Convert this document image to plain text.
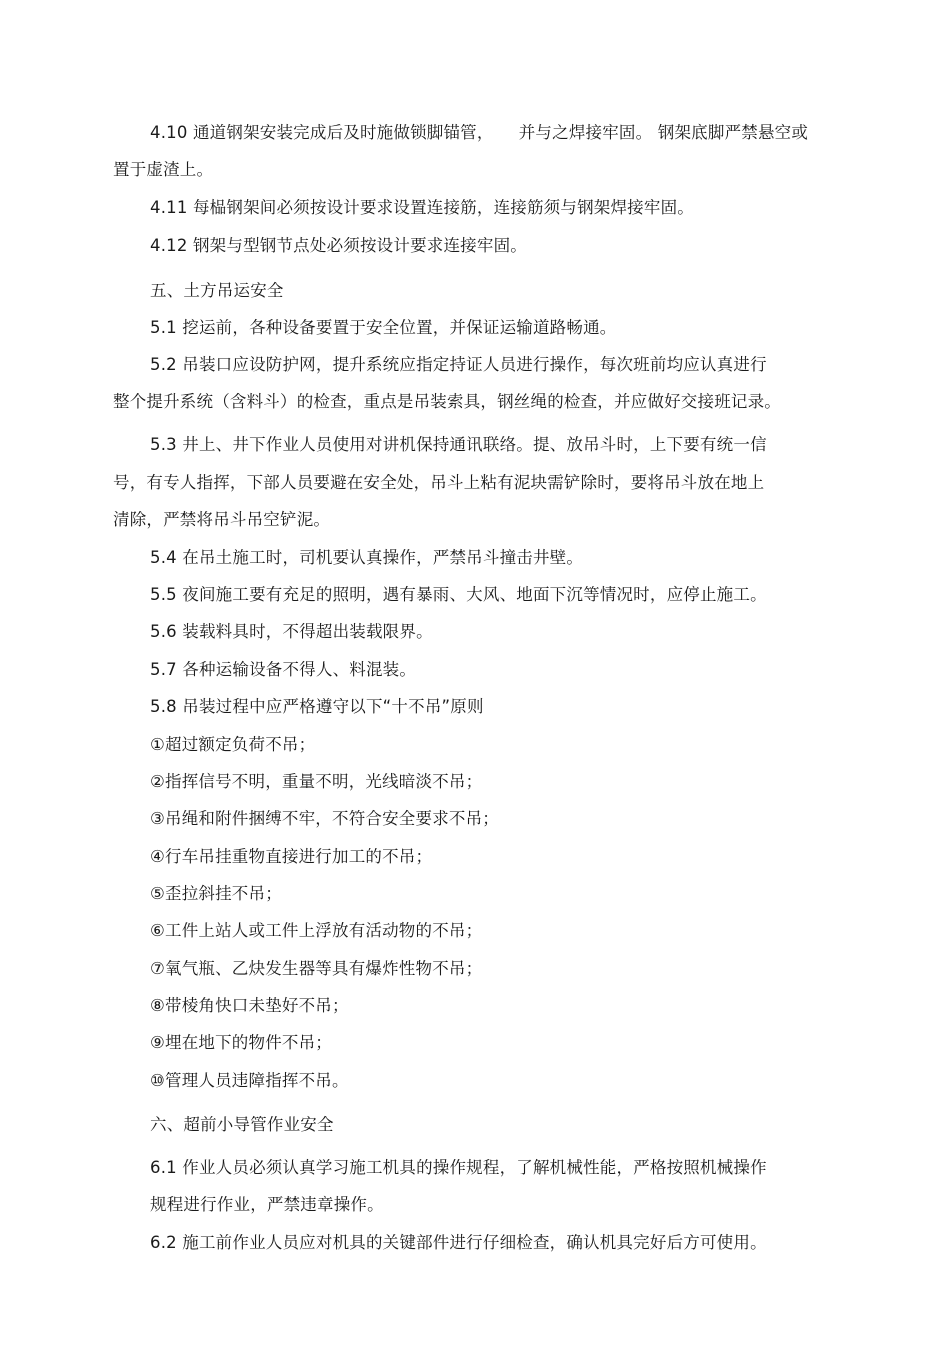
4.10 通道钢架安装完成后及时施做锁脚锚管，　　并与之焊接牢固。 钢架底脚严禁悬空或
置于虚渣上。
4.11 每榀钢架间必须按设计要求设置连接筋，连接筋须与钢架焊接牢固。
4.12 钢架与型钢节点处必须按设计要求连接牢固。
五、土方吊运安全
5.1 挖运前，各种设备要置于安全位置，并保证运输道路畅通。
5.2 吊装口应设防护网，提升系统应指定持证人员进行操作，每次班前均应认真进行
整个提升系统（含料斗）的检查，重点是吊装索具，钢丝绳的检查，并应做好交接班记录。
5.3 井上、井下作业人员使用对讲机保持通讯联络。提、放吊斗时，上下要有统一信
号，有专人指挥，下部人员要避在安全处，吊斗上粘有泥块需铲除时，要将吊斗放在地上
清除，严禁将吊斗吊空铲泥。
5.4 在吊土施工时，司机要认真操作，严禁吊斗撞击井壁。
5.5 夜间施工要有充足的照明，遇有暴雨、大风、地面下沉等情况时，应停止施工。
5.6 装载料具时，不得超出装载限界。
5.7 各种运输设备不得人、料混装。
5.8 吊装过程中应严格遵守以下“十不吊”原则
①超过额定负荷不吊；
②指挥信号不明，重量不明，光线暗淡不吊；
③吊绳和附件捆缚不牢，不符合安全要求不吊；
④行车吊挂重物直接进行加工的不吊；
⑤歪拉斜挂不吊；
⑥工件上站人或工件上浮放有活动物的不吊；
⑦氧气瓶、乙炔发生器等具有爆炸性物不吊；
⑧带棱角快口未垫好不吊；
⑨埋在地下的物件不吊；
⑩管理人员违障指挥不吊。
六、超前小导管作业安全
6.1 作业人员必须认真学习施工机具的操作规程，了解机械性能，严格按照机械操作
规程进行作业，严禁违章操作。
6.2 施工前作业人员应对机具的关键部件进行仔细检查，确认机具完好后方可使用。
